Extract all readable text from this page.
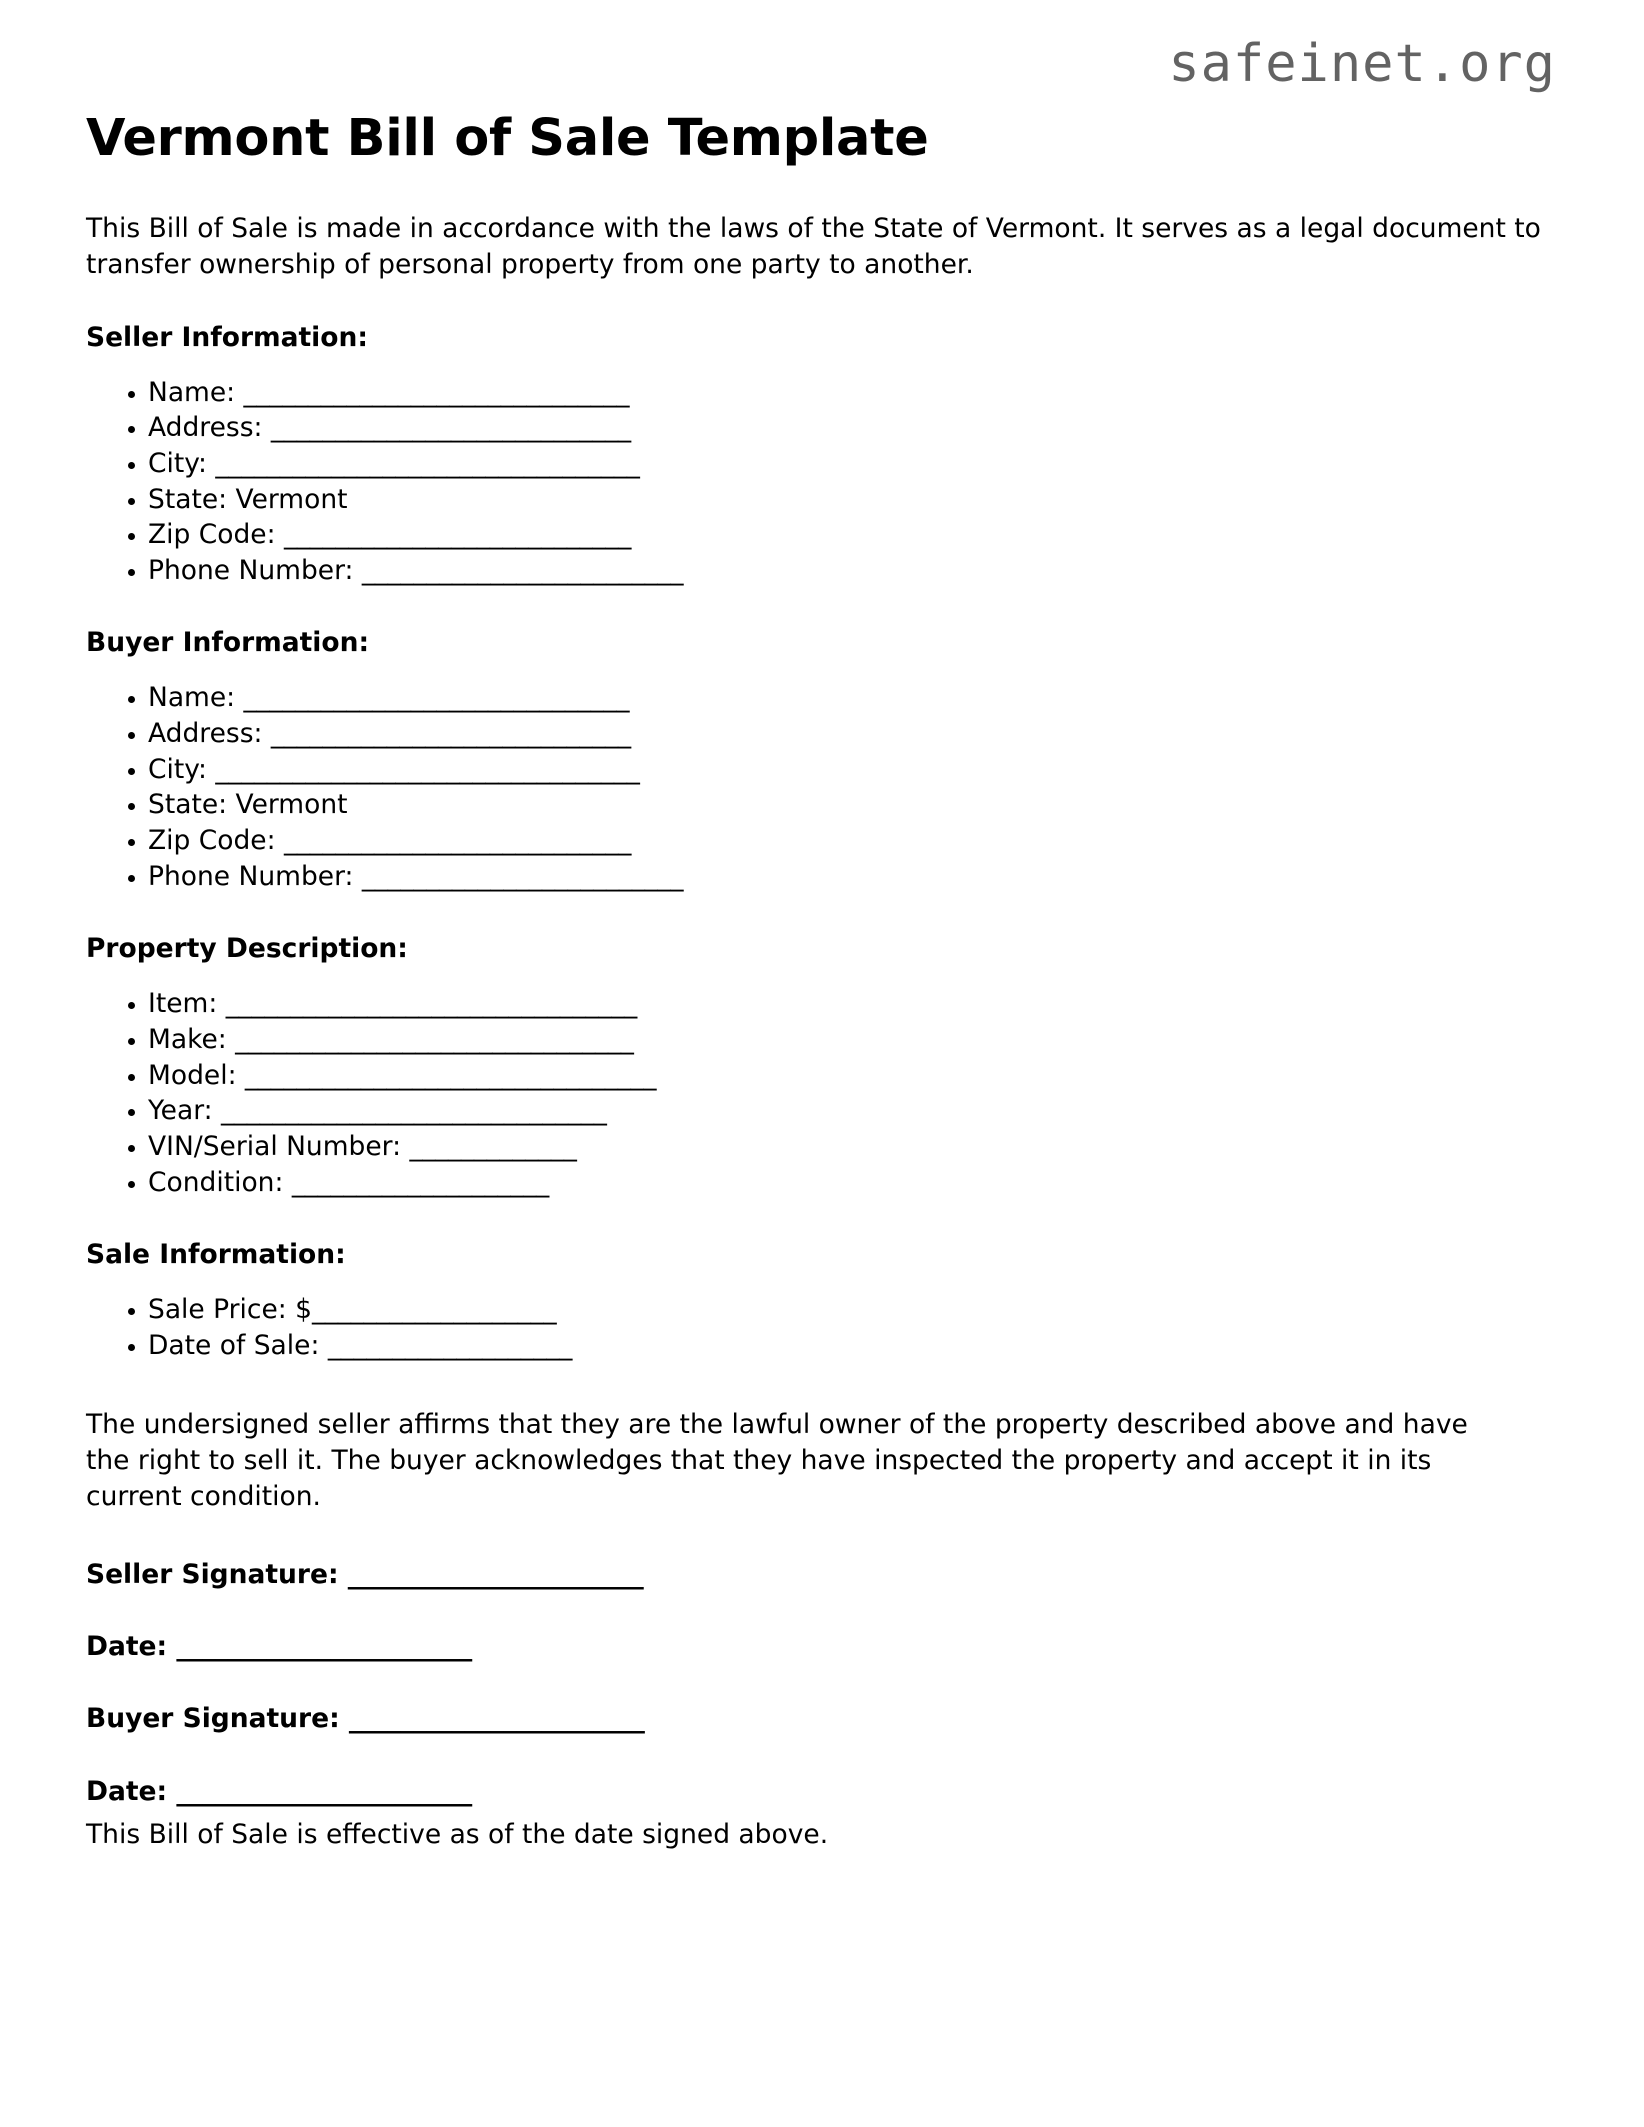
safeinet.org
Vermont Bill of Sale Template

This Bill of Sale is made in accordance with the laws of the State of Vermont. It serves as a legal document to transfer ownership of personal property from one party to another.

Seller Information:
Name: ______________________________
Address: ____________________________
City: _________________________________
State: Vermont
Zip Code: ___________________________
Phone Number: _________________________
Buyer Information:
Name: ______________________________
Address: ____________________________
City: _________________________________
State: Vermont
Zip Code: ___________________________
Phone Number: _________________________
Property Description:
Item: ________________________________
Make: _______________________________
Model: ________________________________
Year: ______________________________
VIN/Serial Number: _____________
Condition: ____________________
Sale Information:
Sale Price: $___________________
Date of Sale: ___________________

The undersigned seller affirms that they are the lawful owner of the property described above and have the right to sell it. The buyer acknowledges that they have inspected the property and accept it in its current condition.

Seller Signature: _______________________

Date: _______________________

Buyer Signature: _______________________

Date: _______________________

This Bill of Sale is effective as of the date signed above.
